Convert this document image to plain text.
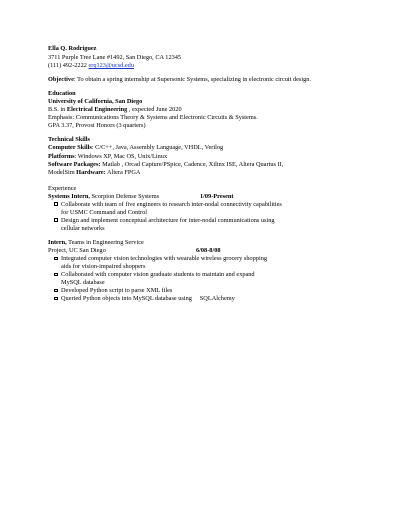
Ella Q. Rodriguez
3711 Purple Tree Lane #1492, San Diego, CA 12345
(111) 492-2222 erq123@ucsd.edu
Objective: To obtain a spring internship at Supersonic Systems, specializing in electronic circuit design.
Education
University of California, San Diego
B.S. in Electrical Engineering , expected June 2020
Emphasis: Communications Theory & Systems and Electronic Circuits & Systems.
GPA 3.37, Provost Honors (3 quarters)
Technical Skills
Computer Skills: C/C++, Java, Assembly Language, VHDL, Verilog
Platforms: Windows XP, Mac OS, Unix/Linux
Software Packages: Matlab , Orcad Capture/PSpice, Cadence, Xilinx ISE, Altera Quartus II,
ModelSim Hardware: Altera FPGA
Experience
Systems Intern, Scorpion Defense Systems	1/09-Present
Collaborate with team of five engineers to research inter-nodal connectivity capabilities
for USMC Command and Control
Design and implement conceptual architecture for inter-nodal communications using
cellular networks
Intern, Teams in Engineering Service
Project, UC San Diego	6/08-8/08
Integrated computer vision technologies with wearable wireless grocery shopping
aids for vision-impaired shoppers
Collaborated with computer vision graduate students to maintain and expand
MySQL database
Developed Python script to parse XML files
Queried Python objects into MySQL database using     SQLAlchemy
